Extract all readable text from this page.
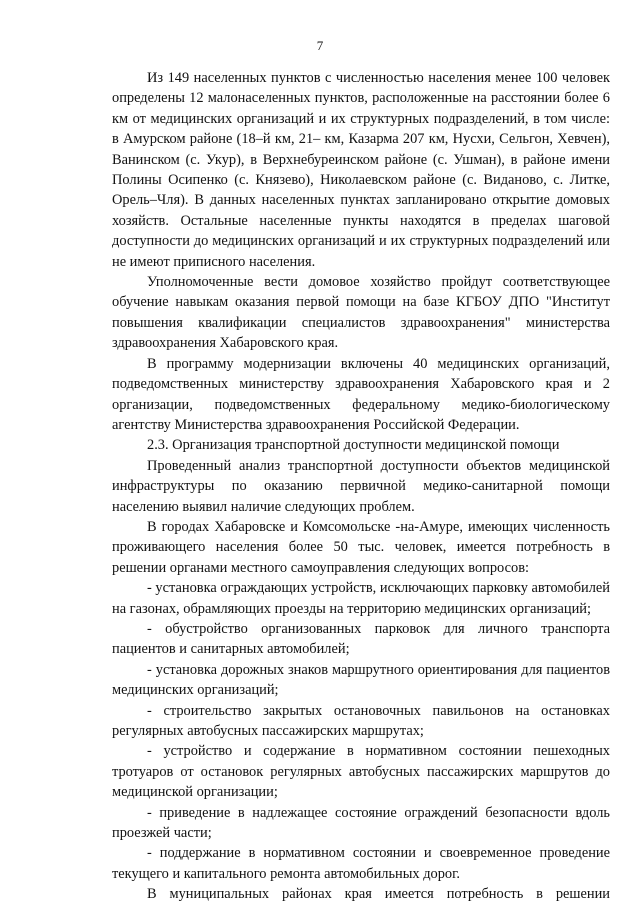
7

Из 149 населенных пунктов с численностью населения менее 100 человек определены 12 малонаселенных пунктов, расположенные на расстоянии более 6 км от медицинских организаций и их структурных подразделений, в том числе: в Амурском районе (18–й км, 21– км, Казарма 207 км, Нусхи, Сельгон, Хевчен), Ванинском (с. Укур), в Верхнебуреинском районе (с. Ушман), в районе имени Полины Осипенко (с. Князево), Николаевском районе (с. Виданово, с. Литке, Орель–Чля). В данных населенных пунктах запланировано открытие домовых хозяйств. Остальные населенные пункты находятся в пределах шаговой доступности до медицинских организаций и их структурных подразделений или не имеют приписного населения.

Уполномоченные вести домовое хозяйство пройдут соответствующее обучение навыкам оказания первой помощи на базе КГБОУ ДПО "Институт повышения квалификации специалистов здравоохранения" министерства здравоохранения Хабаровского края.

В программу модернизации включены 40 медицинских организаций, подведомственных министерству здравоохранения Хабаровского края и 2 организации, подведомственных федеральному медико-биологическому агентству Министерства здравоохранения Российской Федерации.

2.3. Организация транспортной доступности медицинской помощи

Проведенный анализ транспортной доступности объектов медицинской инфраструктуры по оказанию первичной медико-санитарной помощи населению выявил наличие следующих проблем.

В городах Хабаровске и Комсомольске -на-Амуре, имеющих численность проживающего населения более 50 тыс. человек, имеется потребность в решении органами местного самоуправления следующих вопросов:

- установка ограждающих устройств, исключающих парковку автомобилей на газонах, обрамляющих проезды на территорию медицинских организаций;

- обустройство организованных парковок для личного транспорта пациентов и санитарных автомобилей;

- установка дорожных знаков маршрутного ориентирования для пациентов медицинских организаций;

- строительство закрытых остановочных павильонов на остановках регулярных автобусных пассажирских маршрутах;

- устройство и содержание в нормативном состоянии пешеходных тротуаров от остановок регулярных автобусных пассажирских маршрутов до медицинской организации;

- приведение в надлежащее состояние ограждений безопасности вдоль проезжей части;

- поддержание в нормативном состоянии и своевременное проведение текущего и капитального ремонта автомобильных дорог.

В муниципальных районах края имеется потребность в решении
